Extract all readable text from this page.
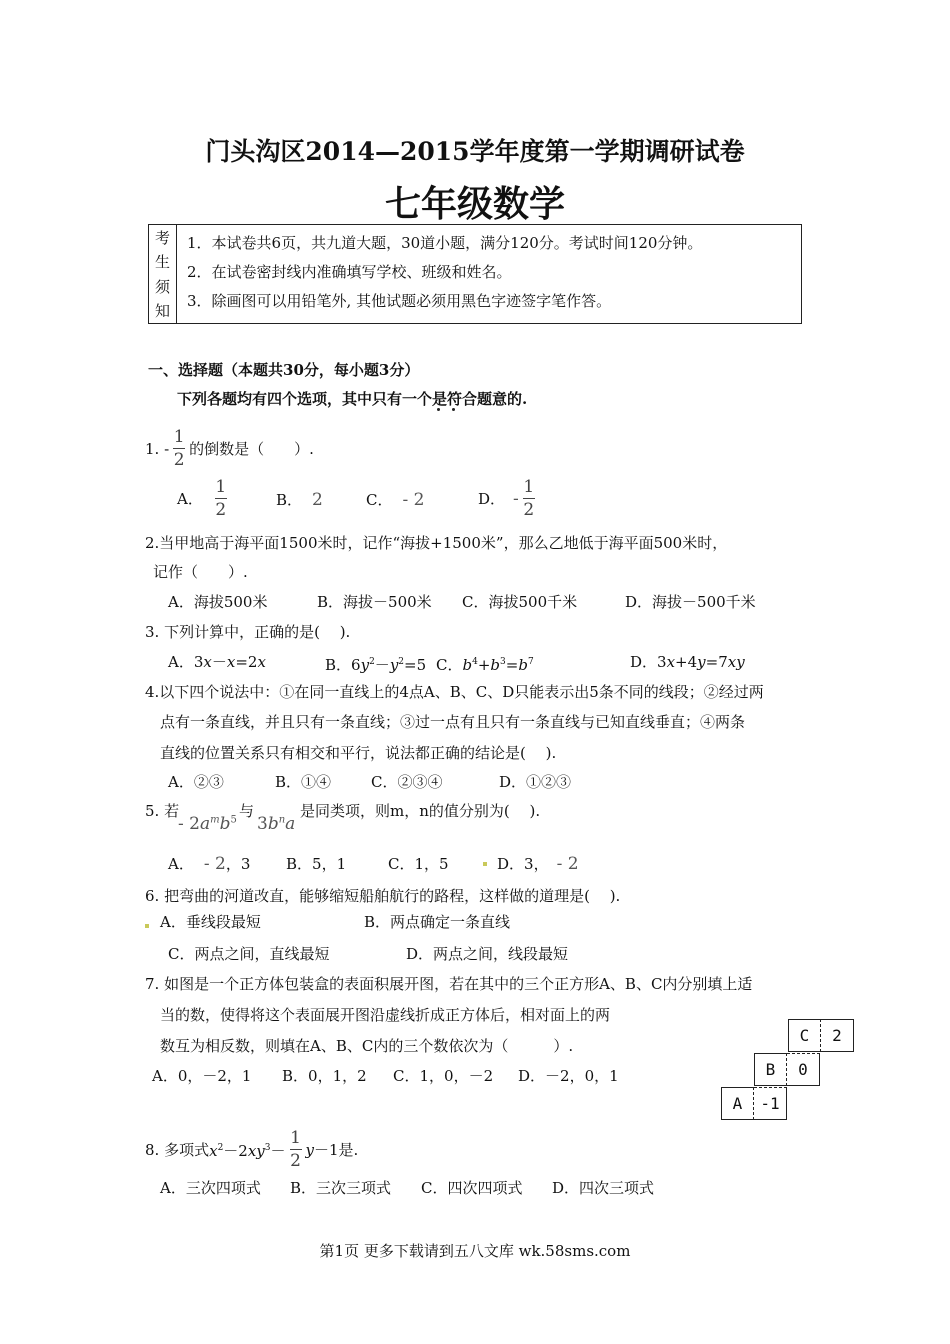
门头沟区2014—2015学年度第一学期调研试卷
七年级数学
考
生
须
知
1．本试卷共6页，共九道大题，30道小题，满分120分。考试时间120分钟。
2．在试卷密封线内准确填写学校、班级和姓名。
3．除画图可以用铅笔外, 其他试题必须用黑色字迹签字笔作答。
一、选择题（本题共30分，每小题3分）
下列各题均有四个选项，其中只有一个是符合题意的.
1. - $\frac{1}{2}$ 的倒数是（　　）.
A． $\frac{1}{2}$	B． 2	C． - 2	D． - $\frac{1}{2}$
2.当甲地高于海平面1500米时，记作“海拔+1500米”，那么乙地低于海平面500米时，
记作（　　）.
A．海拔500米	B．海拔－500米 C．海拔500千米	D．海拔－500千米
3. 下列计算中，正确的是(　 ).
A．3x－x=2x	B．$6y^2-y^2=5$ C．$b^4+b^3=b^7$	D．3x+4y=7xy
4.以下四个说法中：①在同一直线上的4点A、B、C、D只能表示出5条不同的线段；②经过两
点有一条直线，并且只有一条直线；③过一点有且只有一条直线与已知直线垂直；④两条
直线的位置关系只有相交和平行，说法都正确的结论是(　 ).
A．②③	B．①④	C．②③④	D．①②③
5. 若
- $2a^mb^5$ 与
$3b^na$
是同类项，则m，n的值分别为(　 ).
A． - 2，3 B．5，1	C．1，5	D．3， - 2
6. 把弯曲的河道改直，能够缩短船舶航行的路程，这样做的道理是(　 ).
A．垂线段最短	B．两点确定一条直线
C．两点之间，直线最短	D．两点之间，线段最短
7. 如图是一个正方体包装盒的表面积展开图，若在其中的三个正方形A、B、C内分别填上适
当的数，使得将这个表面展开图沿虚线折成正方体后，相对面上的两
数互为相反数，则填在A、B、C内的三个数依次为（　　　）.
A．0，－2，1 B．0，1，2 C．1，0，－2 D．－2，0，1
C 2
B 0
A -1
8. 多项式 $x^2-2xy^3- \frac{1}{2}$ y －1是.
A．三次四项式 B．三次三项式 C．四次四项式 D．四次三项式
第1页 更多下载请到五八文库 wk.58sms.com
